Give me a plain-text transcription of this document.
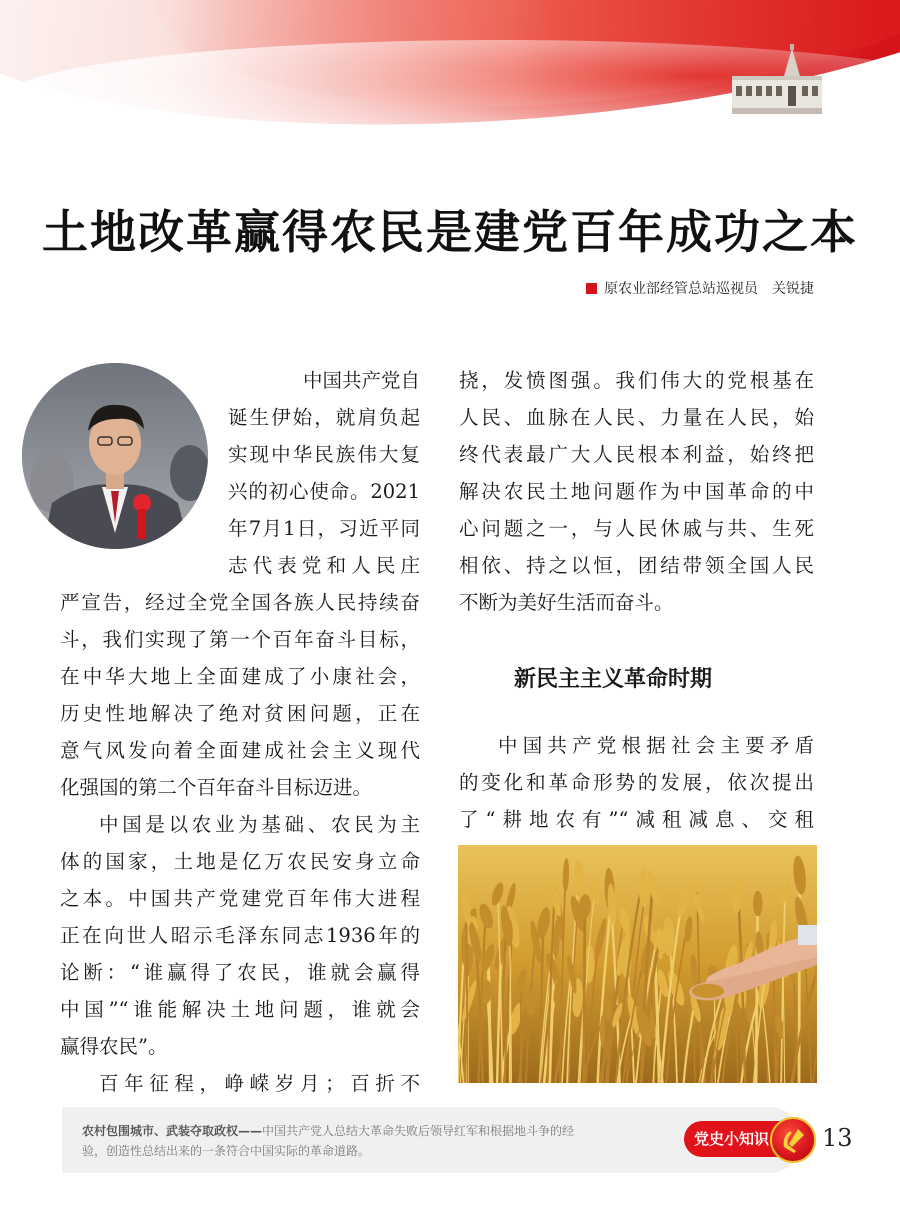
土地改革赢得农民是建党百年成功之本
原农业部经管总站巡视员 关锐捷
中国共产党自
诞生伊始，就肩负起
实现中华民族伟大复
兴的初心使命。2021
年7月1日，习近平同
志代表党和人民庄
严宣告，经过全党全国各族人民持续奋
斗，我们实现了第一个百年奋斗目标，
在中华大地上全面建成了小康社会，
历史性地解决了绝对贫困问题，正在
意气风发向着全面建成社会主义现代
化强国的第二个百年奋斗目标迈进。
中国是以农业为基础、农民为主
体的国家，土地是亿万农民安身立命
之本。中国共产党建党百年伟大进程
正在向世人昭示毛泽东同志1936年的
论断：“谁赢得了农民，谁就会赢得
中国”“谁能解决土地问题，谁就会
赢得农民”。
百年征程，峥嵘岁月；百折不
挠，发愤图强。我们伟大的党根基在
人民、血脉在人民、力量在人民，始
终代表最广大人民根本利益，始终把
解决农民土地问题作为中国革命的中
心问题之一，与人民休戚与共、生死
相依、持之以恒，团结带领全国人民
不断为美好生活而奋斗。
新民主主义革命时期
中国共产党根据社会主要矛盾
的变化和革命形势的发展，依次提出
了“耕地农有”“减租减息、交租
农村包围城市、武装夺取政权——中国共产党人总结大革命失败后领导红军和根据地斗争的经
验，创造性总结出来的一条符合中国实际的革命道路。
党史小知识	13
